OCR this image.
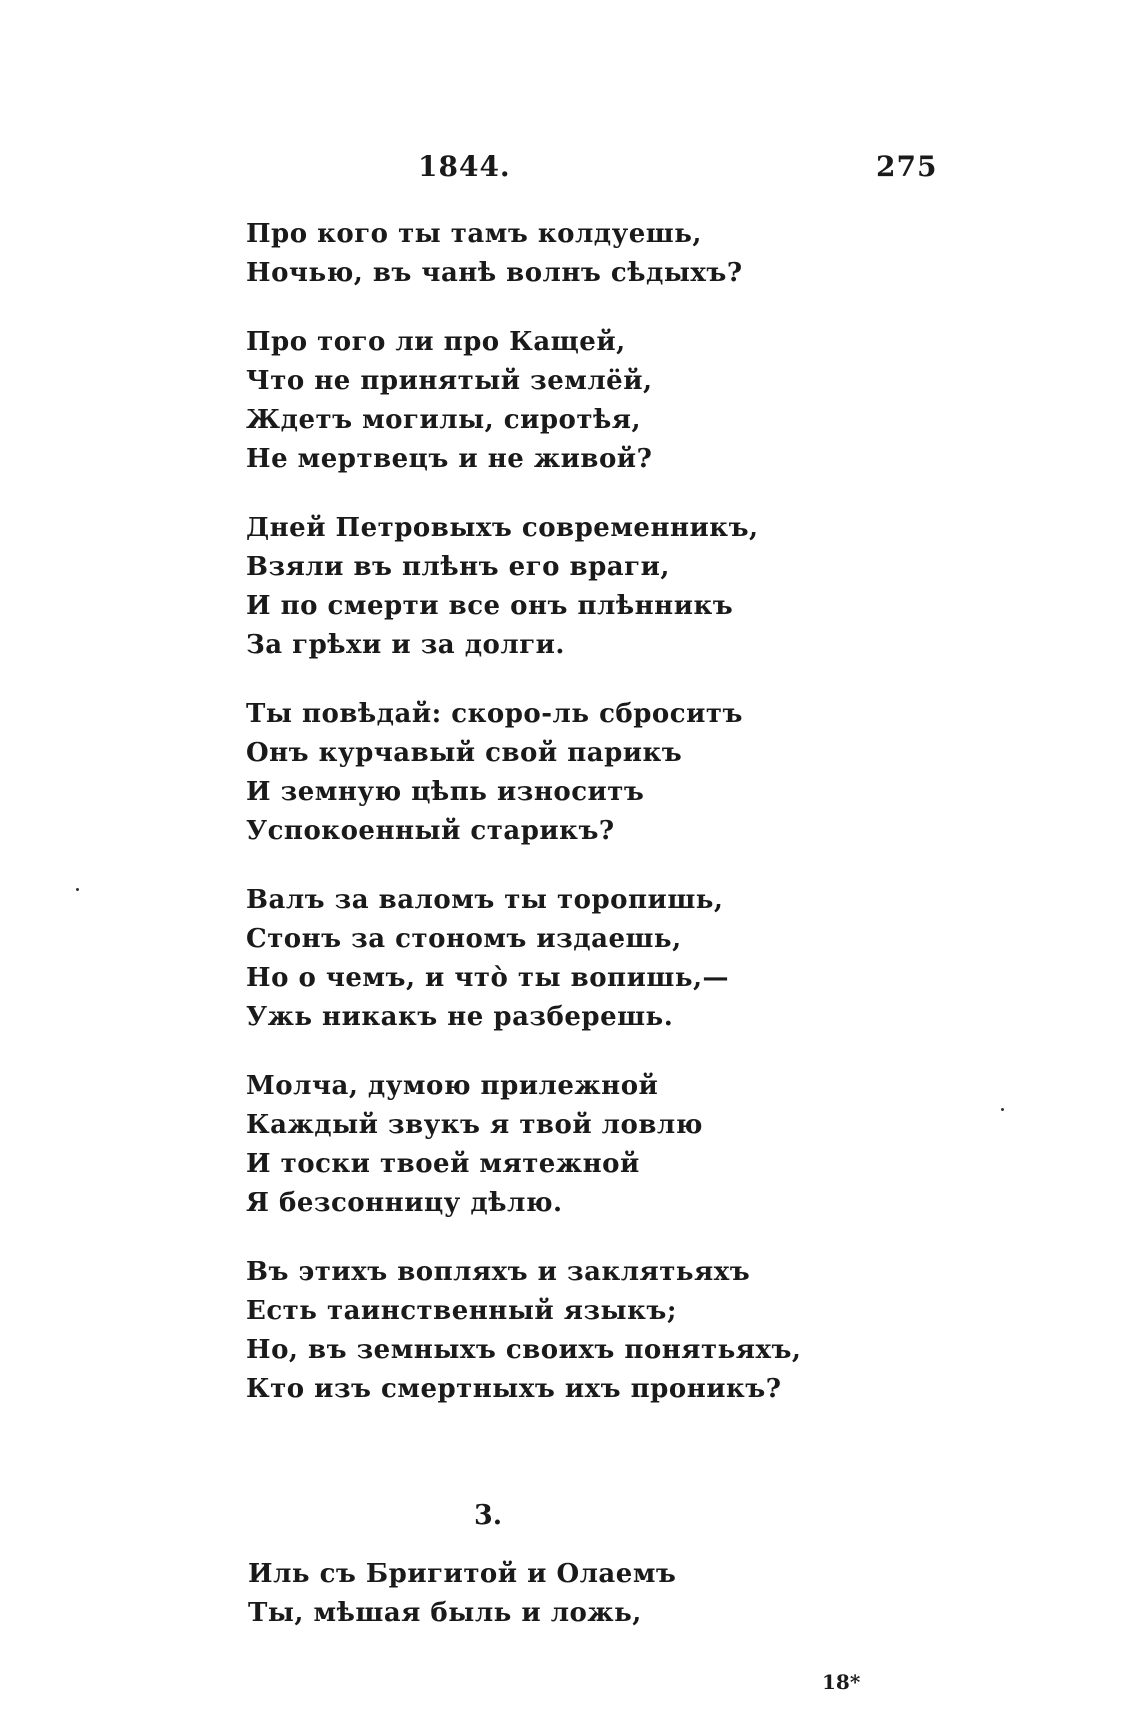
1844.	275
Про кого ты тамъ колдуешь,
Ночью, въ чанѣ волнъ сѣдыхъ?
Про того ли про Кащей,
Что не принятый землёй,
Ждетъ могилы, сиротѣя,
Не мертвецъ и не живой?
Дней Петровыхъ современникъ,
Взяли въ плѣнъ его враги,
И по смерти все онъ плѣнникъ
За грѣхи и за долги.
Ты повѣдай: скоро-ль сброситъ
Онъ курчавый свой парикъ
И земную цѣпь износитъ
Успокоенный старикъ?
Валъ за валомъ ты торопишь,
Стонъ за стономъ издаешь,
Но о чемъ, и что̀ ты вопишь,—
Ужь никакъ не разберешь.
Молча, думою прилежной
Каждый звукъ я твой ловлю
И тоски твоей мятежной
Я безсонницу дѣлю.
Въ этихъ вопляхъ и заклятьяхъ
Есть таинственный языкъ;
Но, въ земныхъ своихъ понятьяхъ,
Кто изъ смертныхъ ихъ проникъ?
3.
Иль съ Бригитой и Олаемъ
Ты, мѣшая быль и ложь,
18*
